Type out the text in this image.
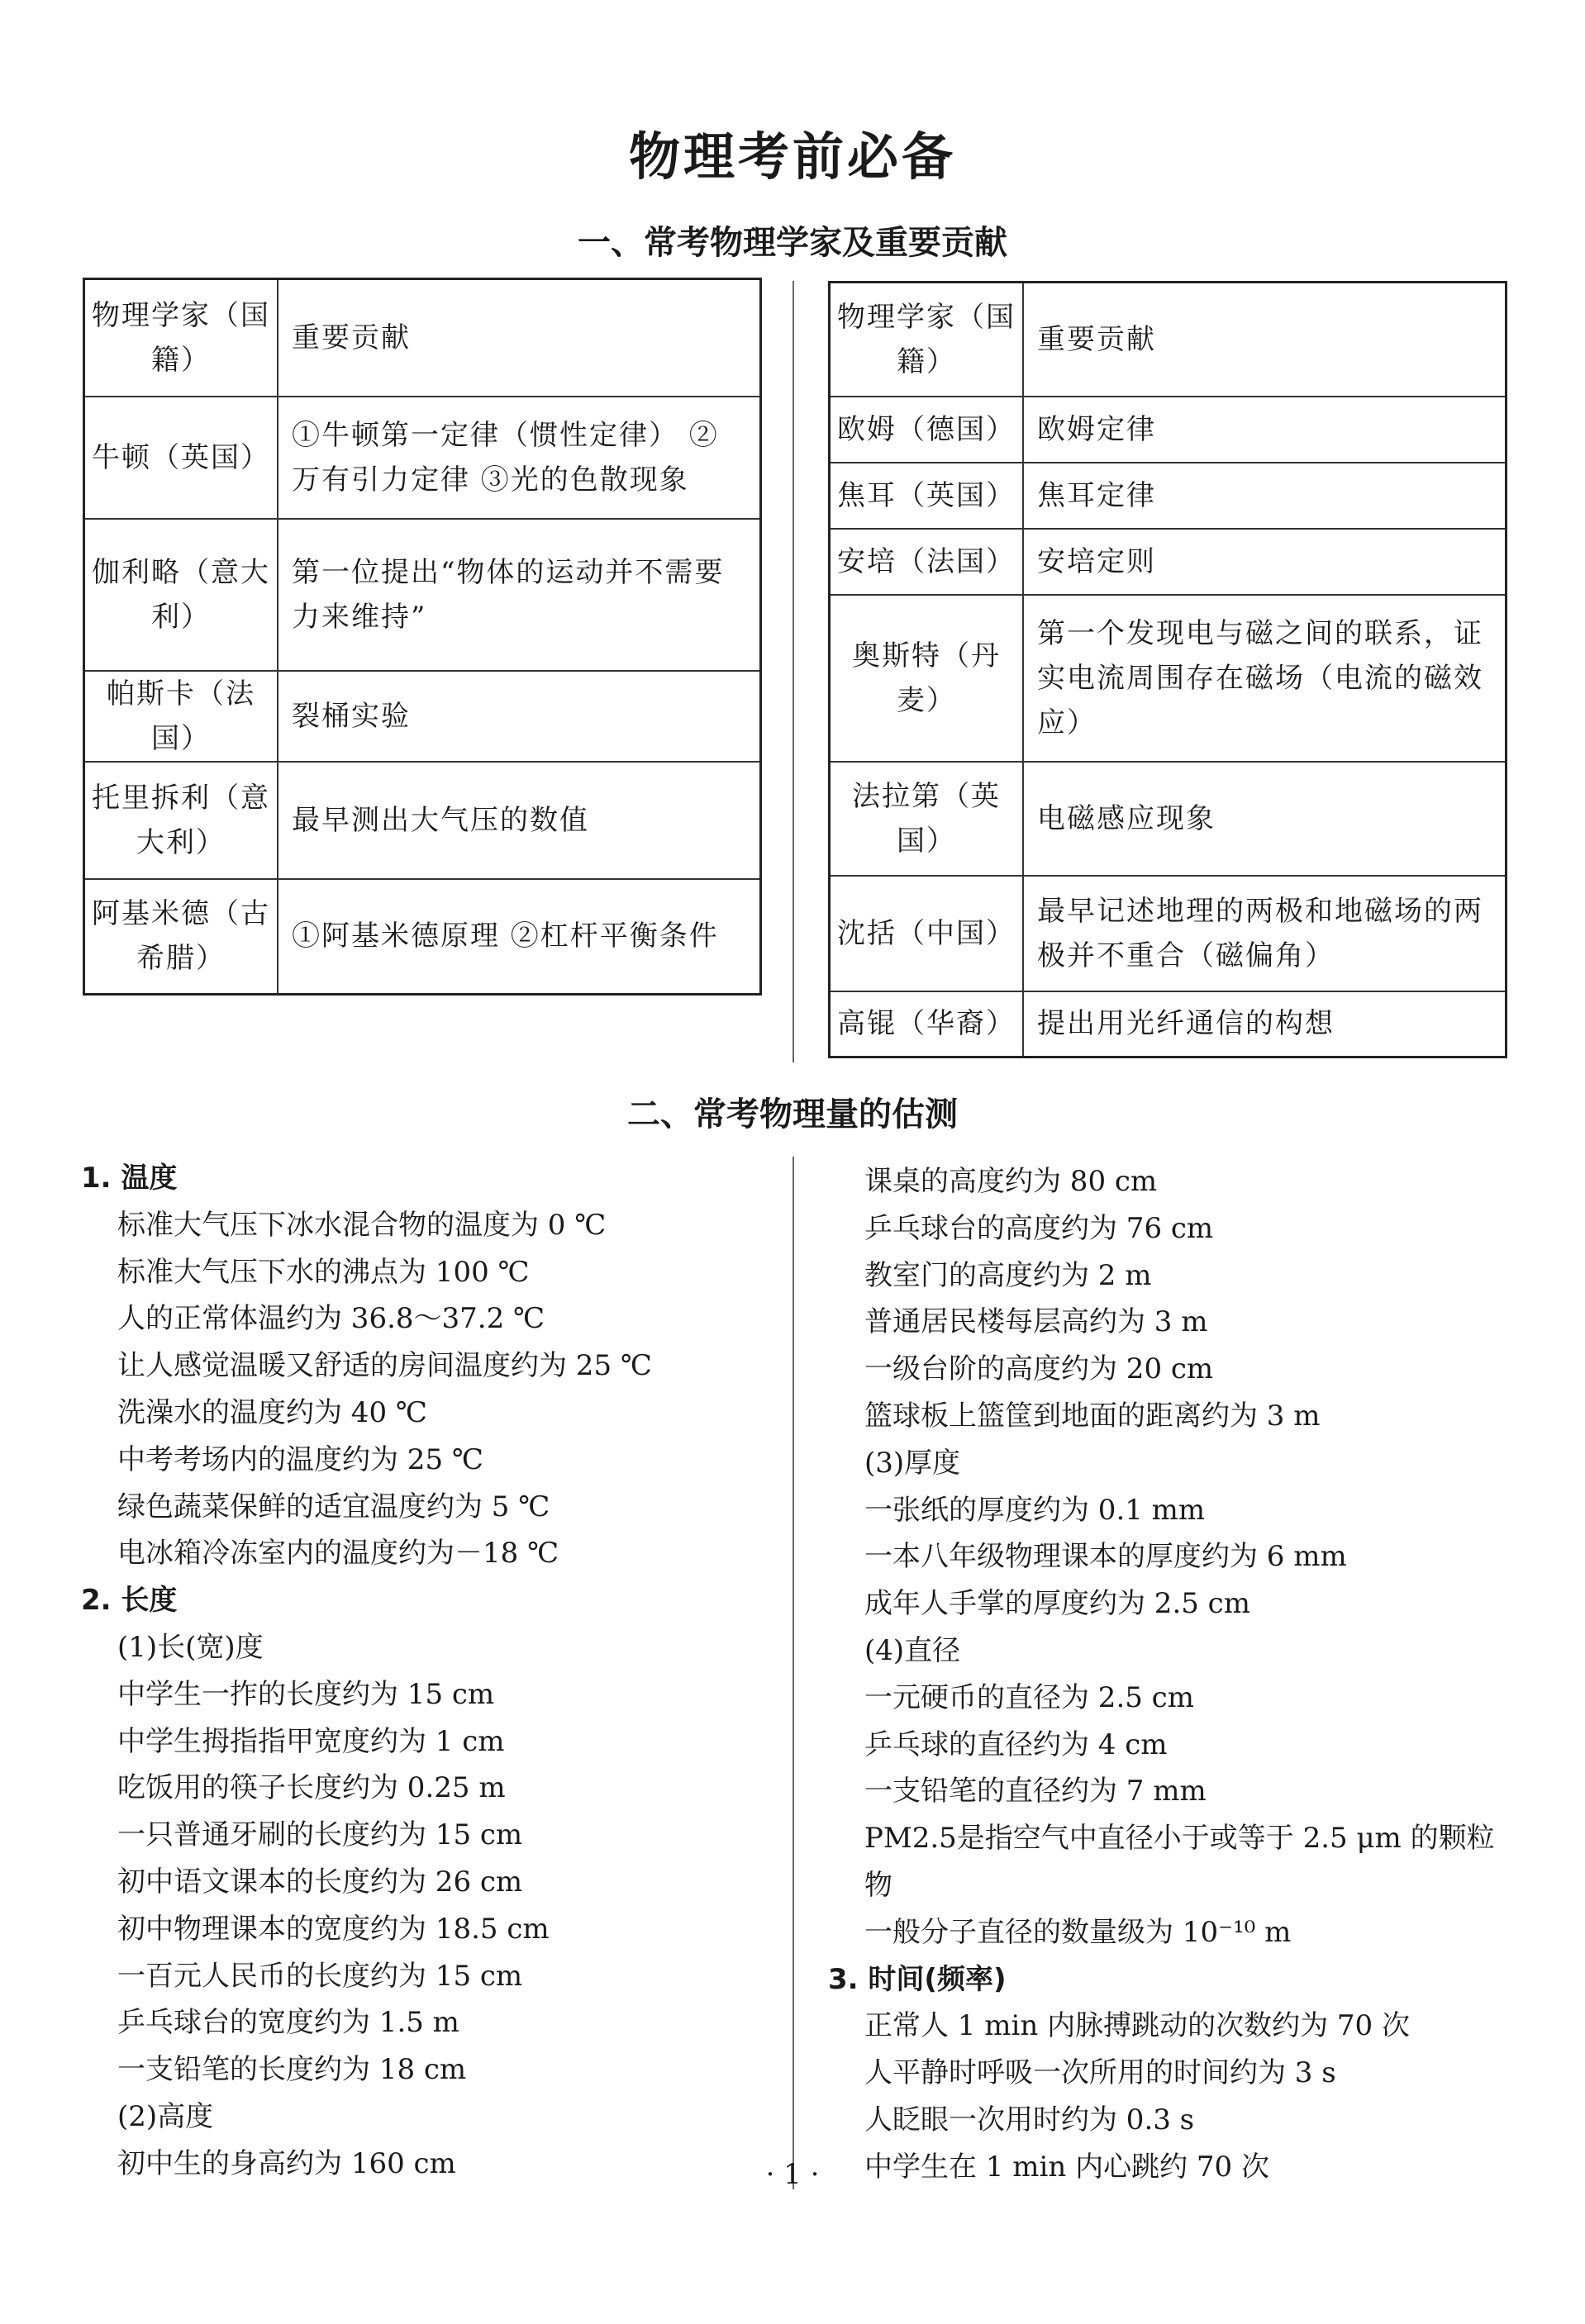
物理考前必备
一、常考物理学家及重要贡献
物理学家（国籍）	重要贡献
牛顿（英国）	①牛顿第一定律（惯性定律） ②万有引力定律 ③光的色散现象
伽利略（意大利）	第一位提出“物体的运动并不需要力来维持”
帕斯卡（法国）	裂桶实验
托里拆利（意大利）	最早测出大气压的数值
阿基米德（古希腊）	①阿基米德原理 ②杠杆平衡条件
物理学家（国籍）	重要贡献
欧姆（德国）	欧姆定律
焦耳（英国）	焦耳定律
安培（法国）	安培定则
奥斯特（丹麦）	第一个发现电与磁之间的联系，证实电流周围存在磁场（电流的磁效应）
法拉第（英国）	电磁感应现象
沈括（中国）	最早记述地理的两极和地磁场的两极并不重合（磁偏角）
高锟（华裔）	提出用光纤通信的构想
二、常考物理量的估测
1. 温度
标准大气压下冰水混合物的温度为 0 ℃
标准大气压下水的沸点为 100 ℃
人的正常体温约为 36.8～37.2 ℃
让人感觉温暖又舒适的房间温度约为 25 ℃
洗澡水的温度约为 40 ℃
中考考场内的温度约为 25 ℃
绿色蔬菜保鲜的适宜温度约为 5 ℃
电冰箱冷冻室内的温度约为－18 ℃
2. 长度
(1)长(宽)度
中学生一拃的长度约为 15 cm
中学生拇指指甲宽度约为 1 cm
吃饭用的筷子长度约为 0.25 m
一只普通牙刷的长度约为 15 cm
初中语文课本的长度约为 26 cm
初中物理课本的宽度约为 18.5 cm
一百元人民币的长度约为 15 cm
乒乓球台的宽度约为 1.5 m
一支铅笔的长度约为 18 cm
(2)高度
初中生的身高约为 160 cm
课桌的高度约为 80 cm
乒乓球台的高度约为 76 cm
教室门的高度约为 2 m
普通居民楼每层高约为 3 m
一级台阶的高度约为 20 cm
篮球板上篮筐到地面的距离约为 3 m
(3)厚度
一张纸的厚度约为 0.1 mm
一本八年级物理课本的厚度约为 6 mm
成年人手掌的厚度约为 2.5 cm
(4)直径
一元硬币的直径为 2.5 cm
乒乓球的直径约为 4 cm
一支铅笔的直径约为 7 mm
PM2.5是指空气中直径小于或等于 2.5 μm 的颗粒物
一般分子直径的数量级为 10⁻¹⁰ m
3. 时间(频率)
正常人 1 min 内脉搏跳动的次数约为 70 次
人平静时呼吸一次所用的时间约为 3 s
人眨眼一次用时约为 0.3 s
中学生在 1 min 内心跳约 70 次
· 1 ·
